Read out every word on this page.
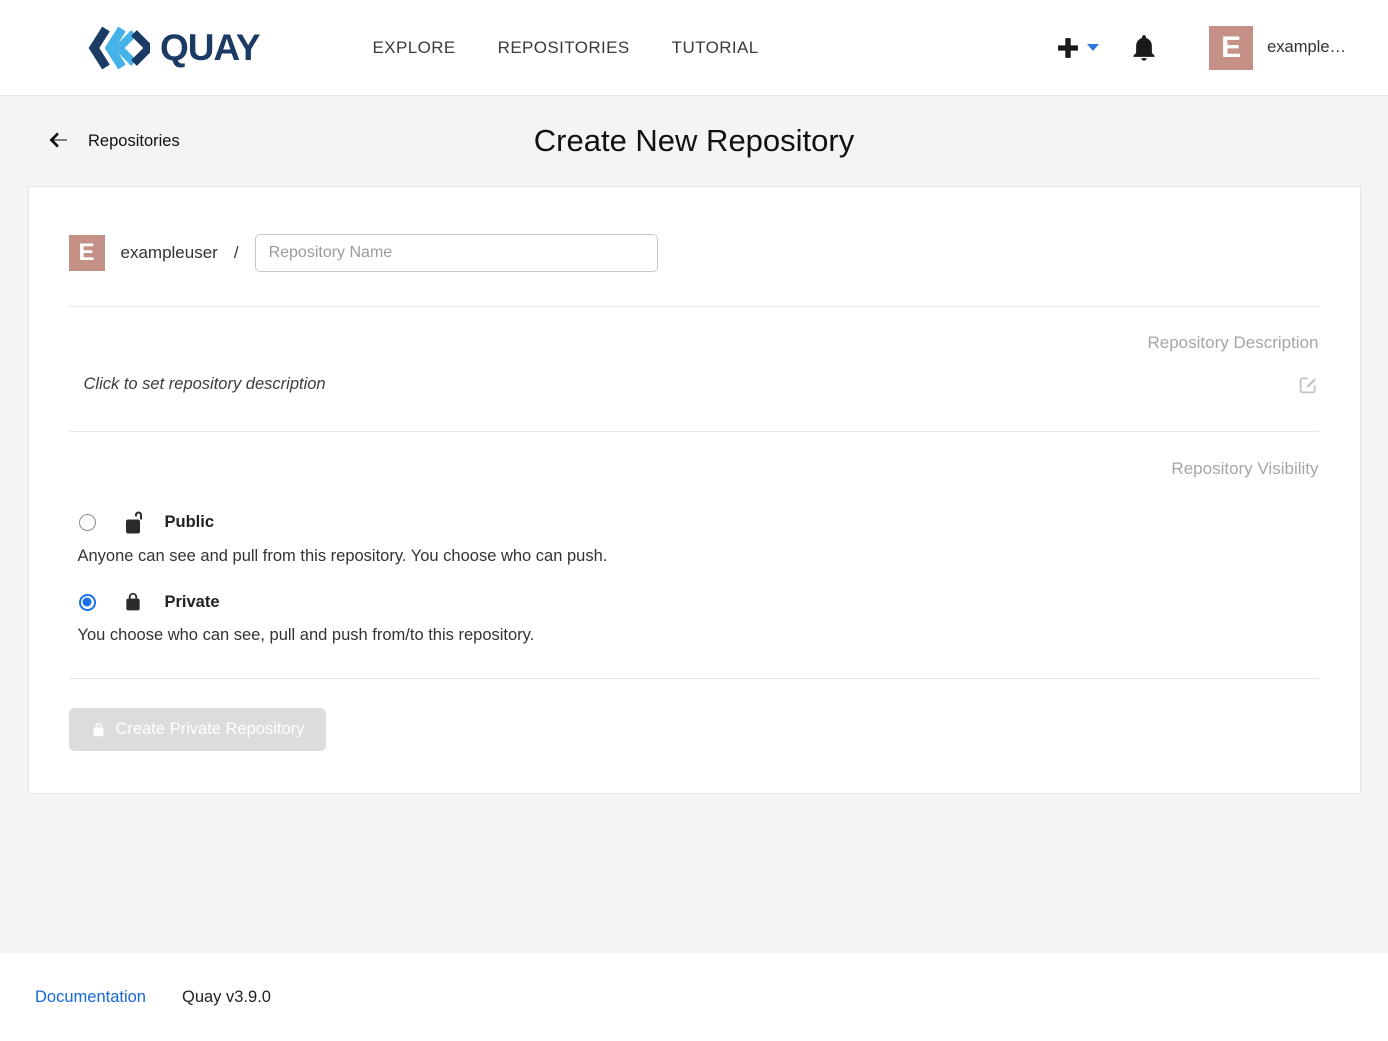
QUAY	EXPLORE REPOSITORIES TUTORIAL	E	example…
Repositories	Create New Repository
E	exampleuser /
Repository Name
Repository Description
Click to set repository description
Repository Visibility
Public
Anyone can see and pull from this repository. You choose who can push.
Private
You choose who can see, pull and push from/to this repository.
Create Private Repository
Documentation Quay v3.9.0
